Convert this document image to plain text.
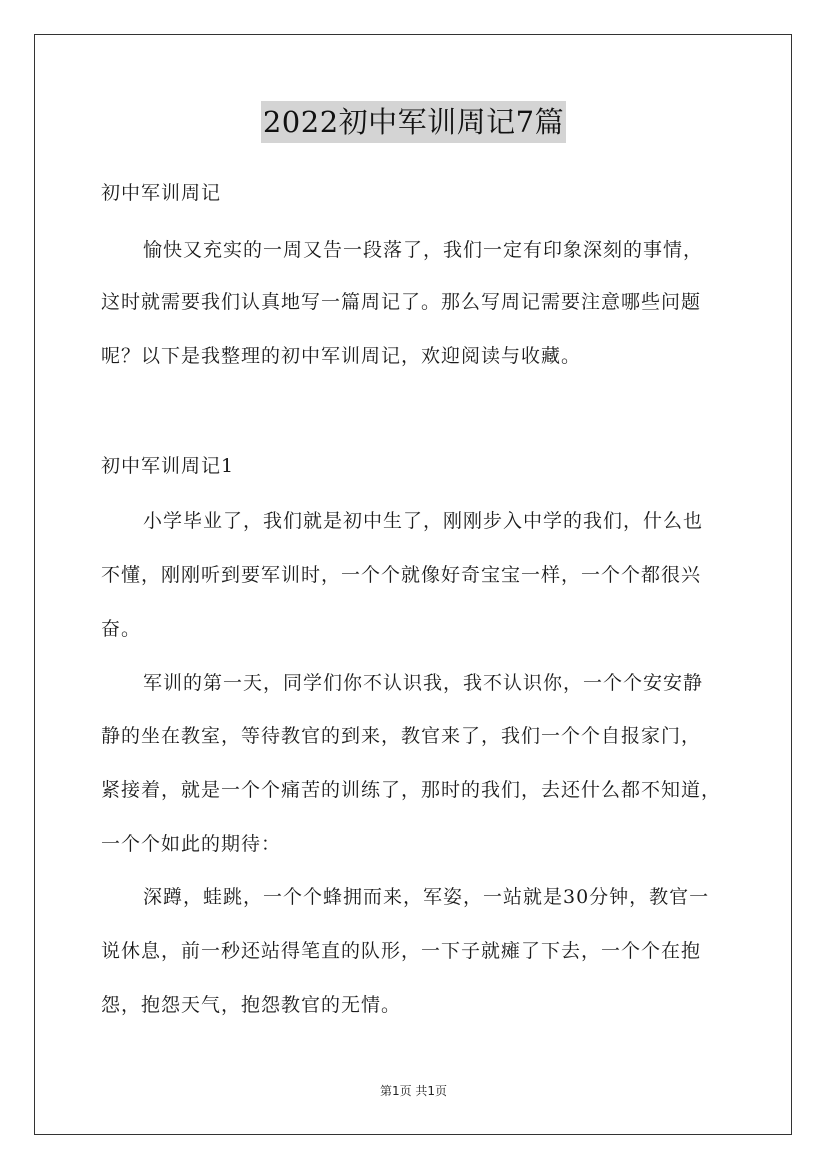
2022初中军训周记7篇
初中军训周记
愉快又充实的一周又告一段落了，我们一定有印象深刻的事情，
这时就需要我们认真地写一篇周记了。那么写周记需要注意哪些问题
呢？以下是我整理的初中军训周记，欢迎阅读与收藏。
初中军训周记1
小学毕业了，我们就是初中生了，刚刚步入中学的我们，什么也
不懂，刚刚听到要军训时，一个个就像好奇宝宝一样，一个个都很兴
奋。
军训的第一天，同学们你不认识我，我不认识你，一个个安安静
静的坐在教室，等待教官的到来，教官来了，我们一个个自报家门，
紧接着，就是一个个痛苦的训练了，那时的我们，去还什么都不知道，
一个个如此的期待：
深蹲，蛙跳，一个个蜂拥而来，军姿，一站就是30分钟，教官一
说休息，前一秒还站得笔直的队形，一下子就瘫了下去，一个个在抱
怨，抱怨天气，抱怨教官的无情。
第1页 共1页
